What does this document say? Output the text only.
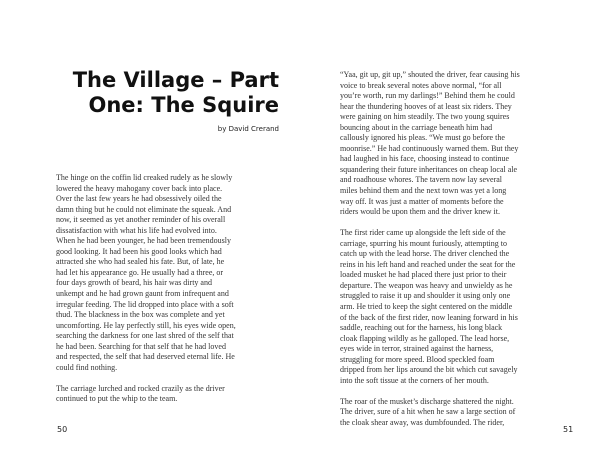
The Village – Part
One: The Squire
by David Crerand

The hinge on the coffin lid creaked rudely as he slowly
lowered the heavy mahogany cover back into place.
Over the last few years he had obsessively oiled the
damn thing but he could not eliminate the squeak. And
now, it seemed as yet another reminder of his overall
dissatisfaction with what his life had evolved into.
When he had been younger, he had been tremendously
good looking. It had been his good looks which had
attracted she who had sealed his fate. But, of late, he
had let his appearance go. He usually had a three, or
four days growth of beard, his hair was dirty and
unkempt and he had grown gaunt from infrequent and
irregular feeding. The lid dropped into place with a soft
thud. The blackness in the box was complete and yet
uncomforting. He lay perfectly still, his eyes wide open,
searching the darkness for one last shred of the self that
he had been. Searching for that self that he had loved
and respected, the self that had deserved eternal life. He
could find nothing.

The carriage lurched and rocked crazily as the driver
continued to put the whip to the team.

50

“Yaa, git up, git up,” shouted the driver, fear causing his
voice to break several notes above normal, “for all
you’re worth, run my darlings!” Behind them he could
hear the thundering hooves of at least six riders. They
were gaining on him steadily. The two young squires
bouncing about in the carriage beneath him had
callously ignored his pleas. “We must go before the
moonrise.” He had continuously warned them. But they
had laughed in his face, choosing instead to continue
squandering their future inheritances on cheap local ale
and roadhouse whores. The tavern now lay several
miles behind them and the next town was yet a long
way off. It was just a matter of moments before the
riders would be upon them and the driver knew it.

The first rider came up alongside the left side of the
carriage, spurring his mount furiously, attempting to
catch up with the lead horse. The driver clenched the
reins in his left hand and reached under the seat for the
loaded musket he had placed there just prior to their
departure. The weapon was heavy and unwieldy as he
struggled to raise it up and shoulder it using only one
arm. He tried to keep the sight centered on the middle
of the back of the first rider, now leaning forward in his
saddle, reaching out for the harness, his long black
cloak flapping wildly as he galloped. The lead horse,
eyes wide in terror, strained against the harness,
struggling for more speed. Blood speckled foam
dripped from her lips around the bit which cut savagely
into the soft tissue at the corners of her mouth.

The roar of the musket’s discharge shattered the night.
The driver, sure of a hit when he saw a large section of
the cloak shear away, was dumbfounded. The rider,

51
